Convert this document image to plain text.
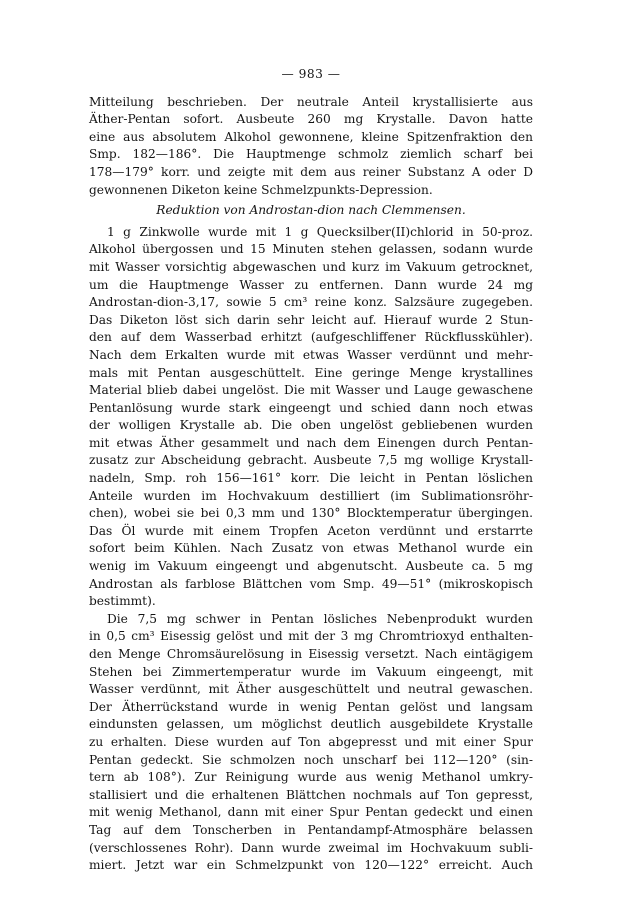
— 983 —
Mitteilung beschrieben. Der neutrale Anteil krystallisierte aus
Äther-Pentan sofort. Ausbeute 260 mg Krystalle. Davon hatte
eine aus absolutem Alkohol gewonnene, kleine Spitzenfraktion den
Smp. 182—186°. Die Hauptmenge schmolz ziemlich scharf bei
178—179° korr. und zeigte mit dem aus reiner Substanz A oder D
gewonnenen Diketon keine Schmelzpunkts-Depression.
Reduktion von Androstan-dion nach Clemmensen.
1 g Zinkwolle wurde mit 1 g Quecksilber(II)chlorid in 50-proz.
Alkohol übergossen und 15 Minuten stehen gelassen, sodann wurde
mit Wasser vorsichtig abgewaschen und kurz im Vakuum getrocknet,
um die Hauptmenge Wasser zu entfernen. Dann wurde 24 mg
Androstan-dion-3,17, sowie 5 cm³ reine konz. Salzsäure zugegeben.
Das Diketon löst sich darin sehr leicht auf. Hierauf wurde 2 Stun-
den auf dem Wasserbad erhitzt (aufgeschliffener Rückflusskühler).
Nach dem Erkalten wurde mit etwas Wasser verdünnt und mehr-
mals mit Pentan ausgeschüttelt. Eine geringe Menge krystallines
Material blieb dabei ungelöst. Die mit Wasser und Lauge gewaschene
Pentanlösung wurde stark eingeengt und schied dann noch etwas
der wolligen Krystalle ab. Die oben ungelöst gebliebenen wurden
mit etwas Äther gesammelt und nach dem Einengen durch Pentan-
zusatz zur Abscheidung gebracht. Ausbeute 7,5 mg wollige Krystall-
nadeln, Smp. roh 156—161° korr. Die leicht in Pentan löslichen
Anteile wurden im Hochvakuum destilliert (im Sublimationsröhr-
chen), wobei sie bei 0,3 mm und 130° Blocktemperatur übergingen.
Das Öl wurde mit einem Tropfen Aceton verdünnt und erstarrte
sofort beim Kühlen. Nach Zusatz von etwas Methanol wurde ein
wenig im Vakuum eingeengt und abgenutscht. Ausbeute ca. 5 mg
Androstan als farblose Blättchen vom Smp. 49—51° (mikroskopisch
bestimmt).
Die 7,5 mg schwer in Pentan lösliches Nebenprodukt wurden
in 0,5 cm³ Eisessig gelöst und mit der 3 mg Chromtrioxyd enthalten-
den Menge Chromsäurelösung in Eisessig versetzt. Nach eintägigem
Stehen bei Zimmertemperatur wurde im Vakuum eingeengt, mit
Wasser verdünnt, mit Äther ausgeschüttelt und neutral gewaschen.
Der Ätherrückstand wurde in wenig Pentan gelöst und langsam
eindunsten gelassen, um möglichst deutlich ausgebildete Krystalle
zu erhalten. Diese wurden auf Ton abgepresst und mit einer Spur
Pentan gedeckt. Sie schmolzen noch unscharf bei 112—120° (sin-
tern ab 108°). Zur Reinigung wurde aus wenig Methanol umkry-
stallisiert und die erhaltenen Blättchen nochmals auf Ton gepresst,
mit wenig Methanol, dann mit einer Spur Pentan gedeckt und einen
Tag auf dem Tonscherben in Pentandampf-Atmosphäre belassen
(verschlossenes Rohr). Dann wurde zweimal im Hochvakuum subli-
miert. Jetzt war ein Schmelzpunkt von 120—122° erreicht. Auch
